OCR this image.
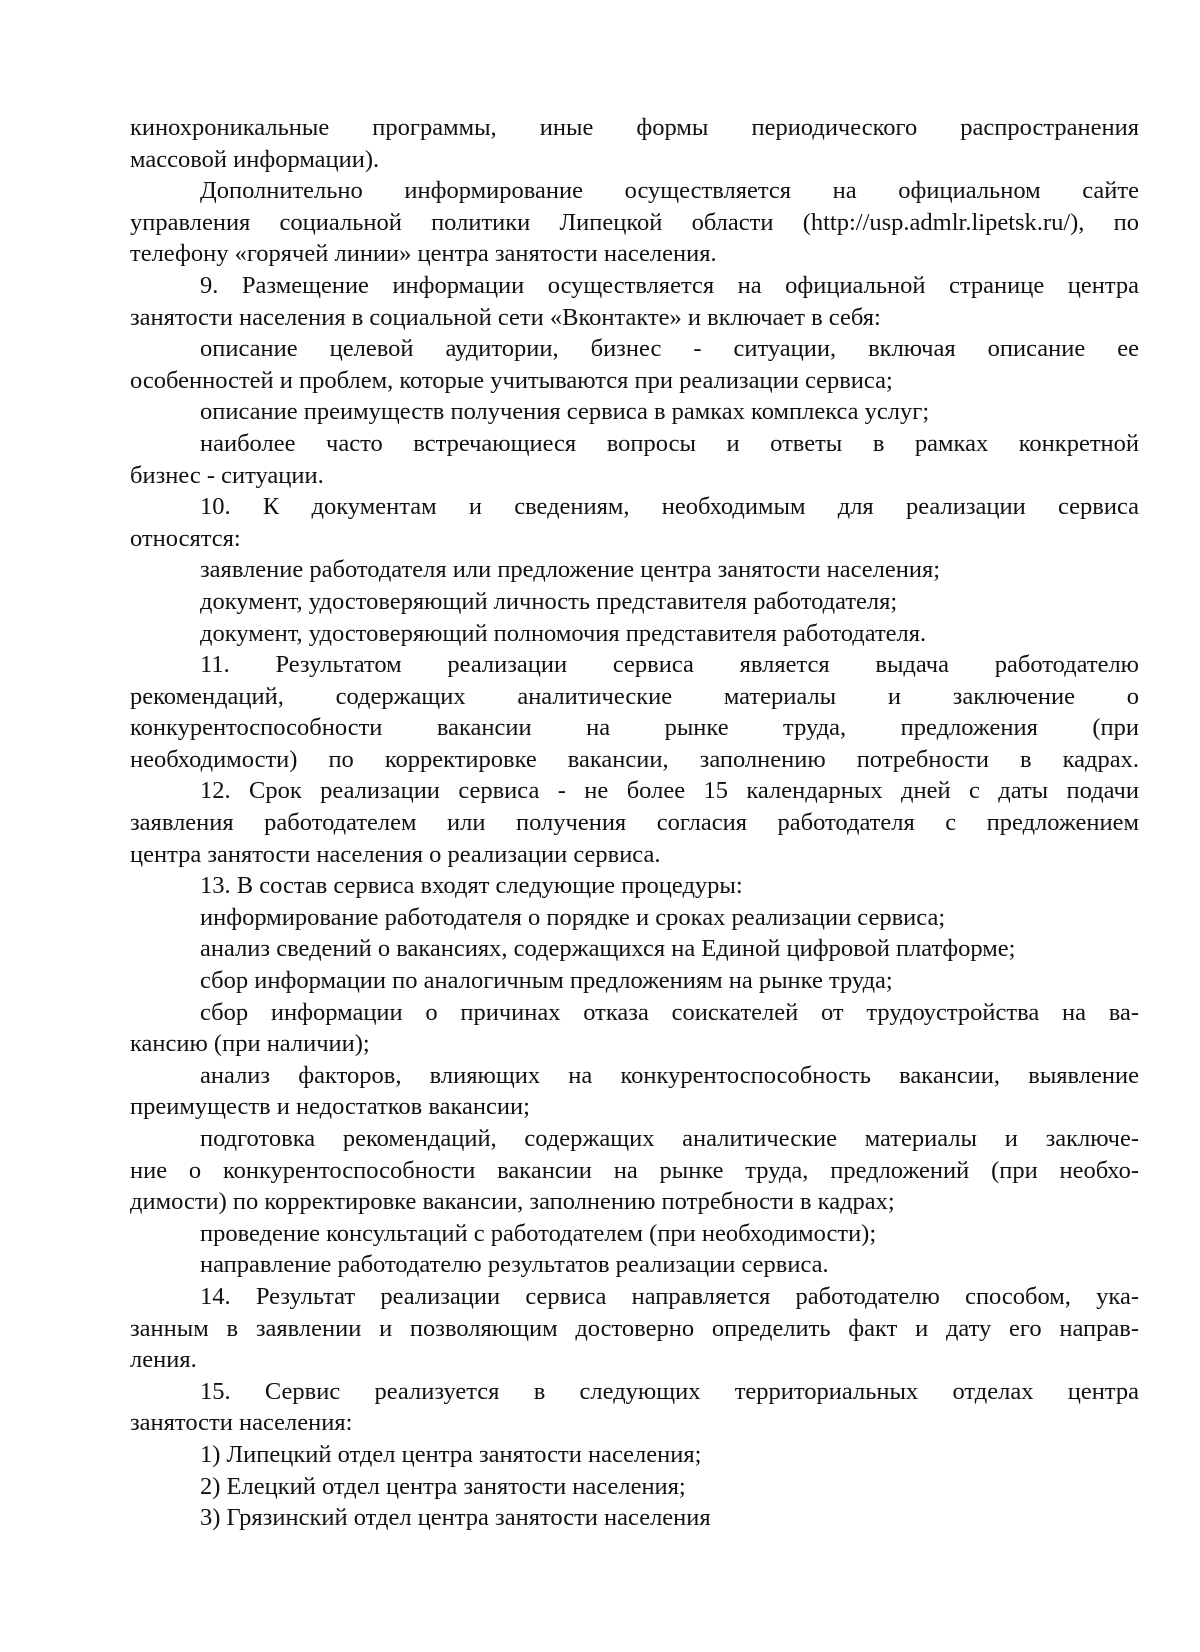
кинохроникальные программы, иные формы периодического распространения
массовой информации).
Дополнительно информирование осуществляется на официальном сайте
управления социальной политики Липецкой области (http://usp.admlr.lipetsk.ru/), по
телефону «горячей линии» центра занятости населения.
9. Размещение информации осуществляется на официальной странице центра
занятости населения в социальной сети «Вконтакте» и включает в себя:
описание целевой аудитории, бизнес - ситуации, включая описание ее
особенностей и проблем, которые учитываются при реализации сервиса;
описание преимуществ получения сервиса в рамках комплекса услуг;
наиболее часто встречающиеся вопросы и ответы в рамках конкретной
бизнес - ситуации.
10. К документам и сведениям, необходимым для реализации сервиса
относятся:
заявление работодателя или предложение центра занятости населения;
документ, удостоверяющий личность представителя работодателя;
документ, удостоверяющий полномочия представителя работодателя.
11. Результатом реализации сервиса является выдача работодателю
рекомендаций, содержащих аналитические материалы и заключение о
конкурентоспособности вакансии на рынке труда, предложения (при
необходимости) по корректировке вакансии, заполнению потребности в кадрах.
12. Срок реализации сервиса - не более 15 календарных дней с даты подачи
заявления работодателем или получения согласия работодателя с предложением
центра занятости населения о реализации сервиса.
13. В состав сервиса входят следующие процедуры:
информирование работодателя о порядке и сроках реализации сервиса;
анализ сведений о вакансиях, содержащихся на Единой цифровой платформе;
сбор информации по аналогичным предложениям на рынке труда;
сбор информации о причинах отказа соискателей от трудоустройства на ва-
кансию (при наличии);
анализ факторов, влияющих на конкурентоспособность вакансии, выявление
преимуществ и недостатков вакансии;
подготовка рекомендаций, содержащих аналитические материалы и заключе-
ние о конкурентоспособности вакансии на рынке труда, предложений (при необхо-
димости) по корректировке вакансии, заполнению потребности в кадрах;
проведение консультаций с работодателем (при необходимости);
направление работодателю результатов реализации сервиса.
14. Результат реализации сервиса направляется работодателю способом, ука-
занным в заявлении и позволяющим достоверно определить факт и дату его направ-
ления.
15. Сервис реализуется в следующих территориальных отделах центра
занятости населения:
1) Липецкий отдел центра занятости населения;
2) Елецкий отдел центра занятости населения;
3) Грязинский отдел центра занятости населения
